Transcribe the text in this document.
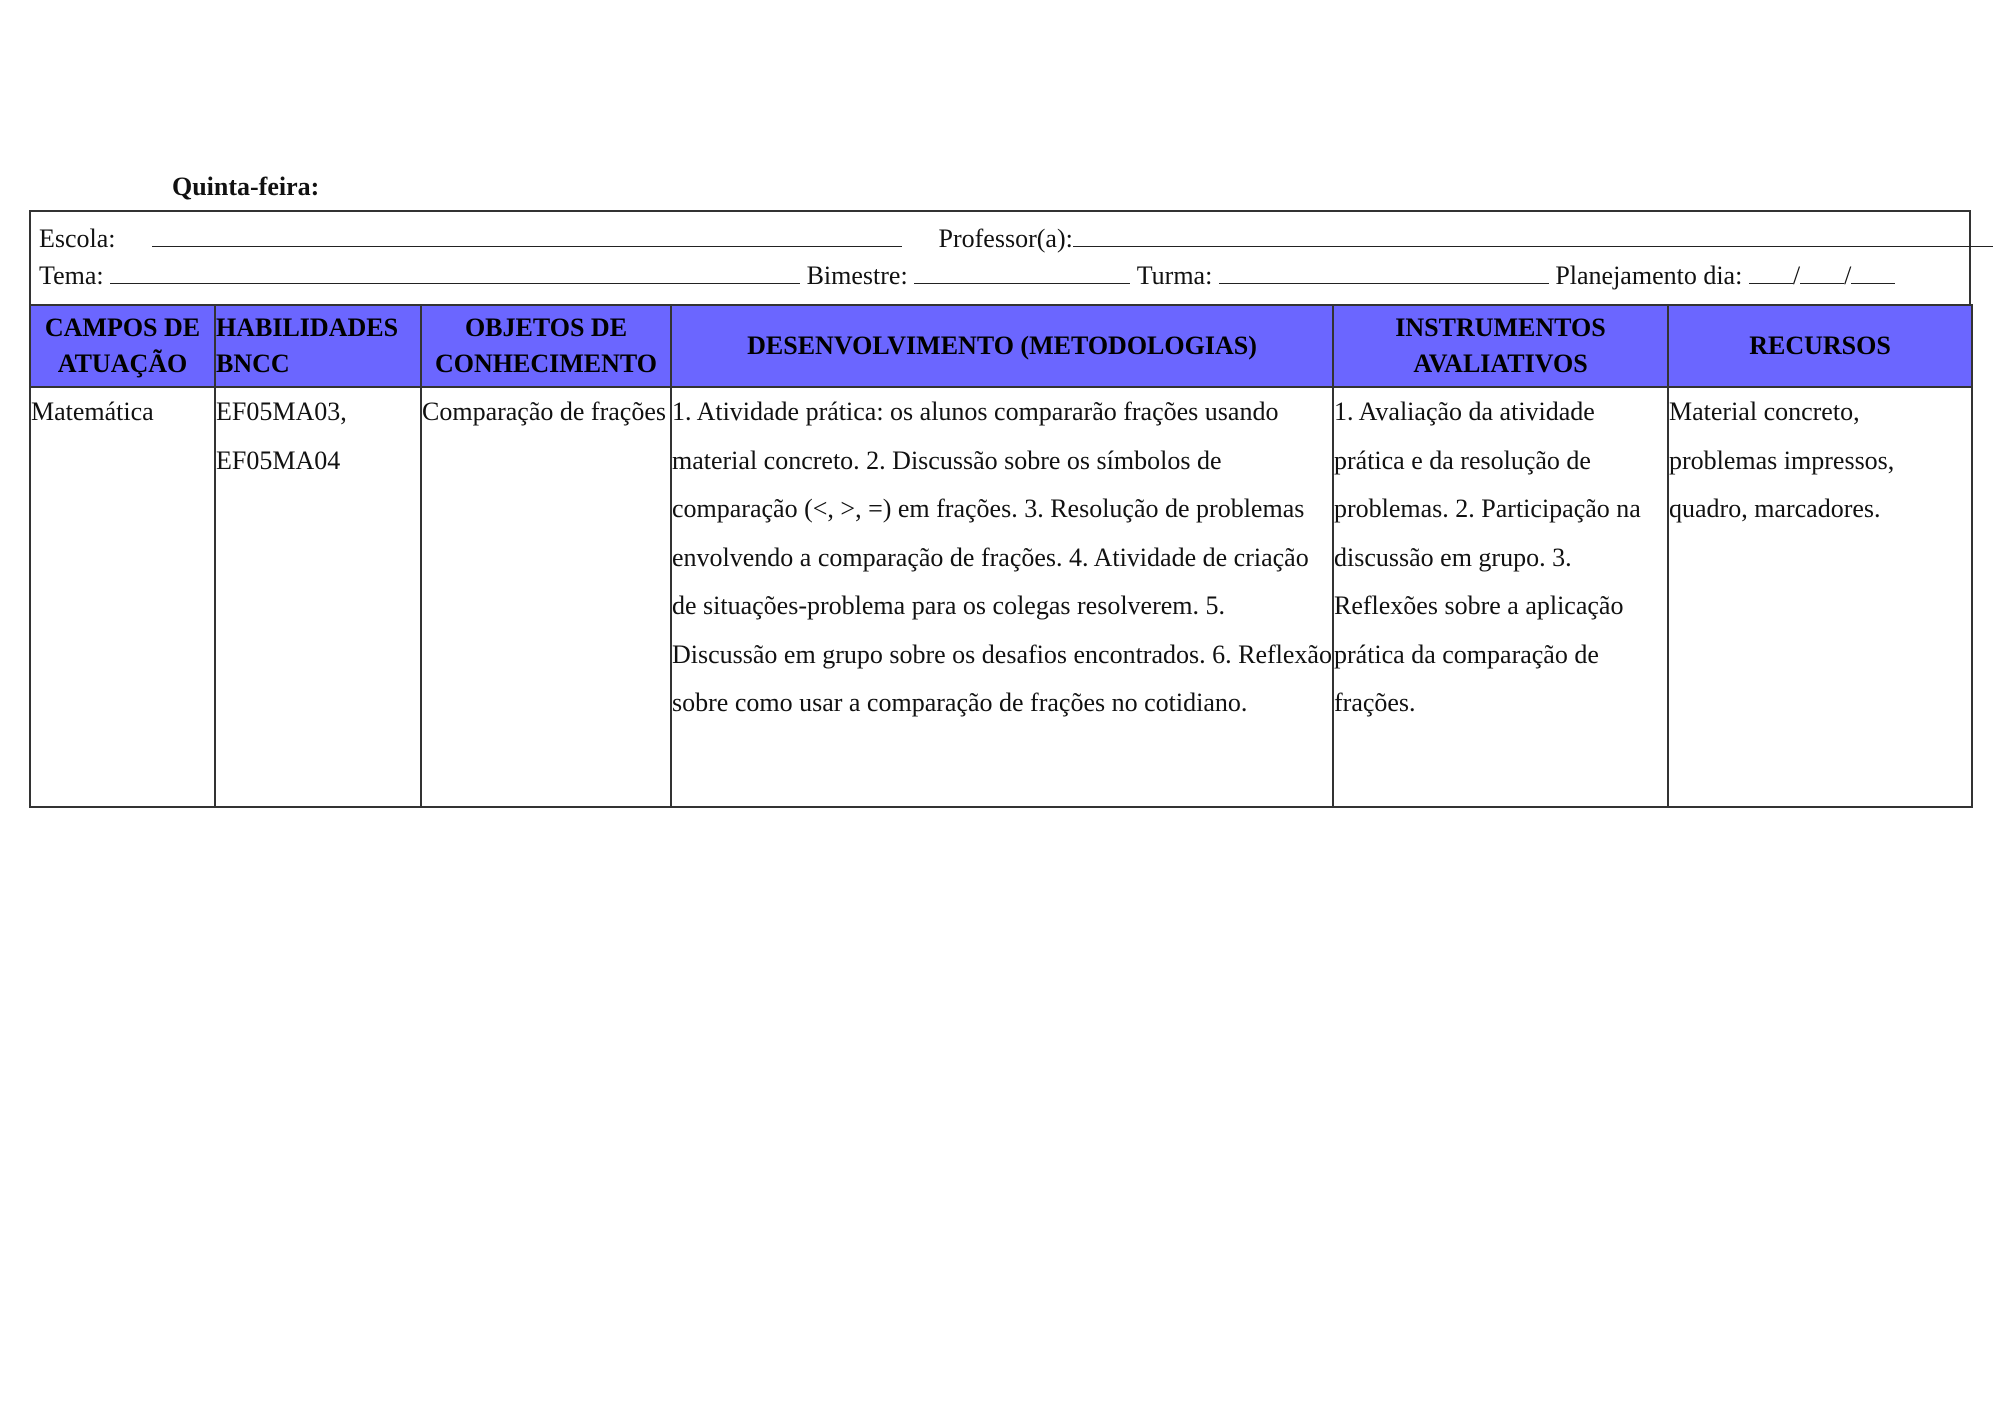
Quinta-feira:
Escola:	Professor(a):
Tema:	Bimestre:	Turma:	Planejamento dia: / /
CAMPOS DE ATUAÇÃO	HABILIDADES BNCC	OBJETOS DE CONHECIMENTO	DESENVOLVIMENTO (METODOLOGIAS)	INSTRUMENTOS AVALIATIVOS	RECURSOS
Matemática	EF05MA03, EF05MA04	Comparação de frações	1. Atividade prática: os alunos compararão frações usando material concreto. 2. Discussão sobre os símbolos de comparação (<, >, =) em frações. 3. Resolução de problemas envolvendo a comparação de frações. 4. Atividade de criação de situações-problema para os colegas resolverem. 5. Discussão em grupo sobre os desafios encontrados. 6. Reflexão sobre como usar a comparação de frações no cotidiano.	1. Avaliação da atividade prática e da resolução de problemas. 2. Participação na discussão em grupo. 3. Reflexões sobre a aplicação prática da comparação de frações.	Material concreto, problemas impressos, quadro, marcadores.
